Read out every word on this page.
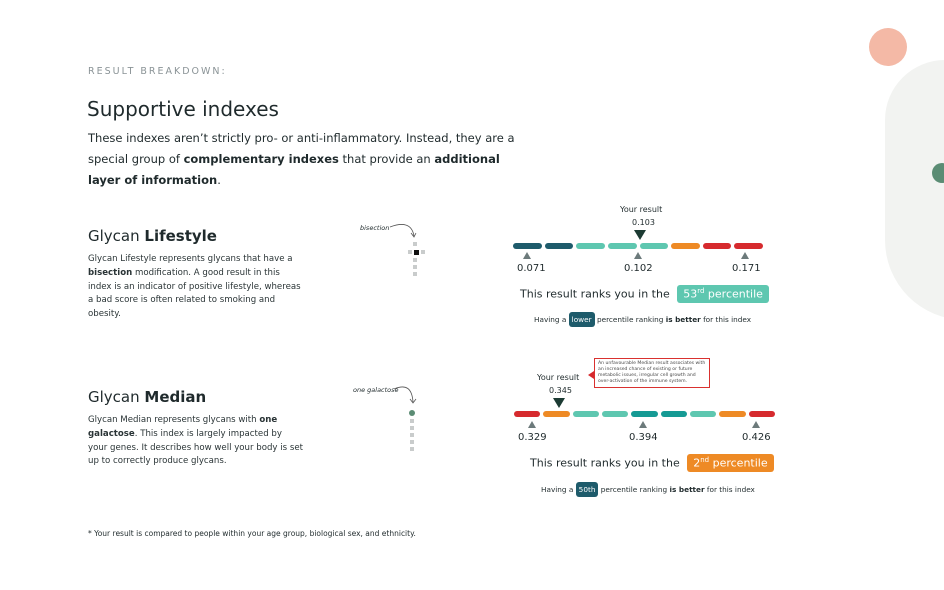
RESULT BREAKDOWN:
Supportive indexes
These indexes aren’t strictly pro- or anti-inflammatory. Instead, they are a special group of complementary indexes that provide an additional layer of information.
Glycan Lifestyle
Glycan Lifestyle represents glycans that have a bisection modification. A good result in this index is an indicator of positive lifestyle, whereas a bad score is often related to smoking and obesity.
bisection
Your result
0.103
0.071	0.102	0.171
This result ranks you in the 53rd percentile
Having a lower percentile ranking is better for this index
Glycan Median
Glycan Median represents glycans with one galactose. This index is largely impacted by your genes. It describes how well your body is set up to correctly produce glycans.
one galactose
An unfavourable Median result associates with an increased chance of existing or future metabolic issues, irregular cell growth and over-activation of the immune system.
Your result
0.345
0.329	0.394	0.426
This result ranks you in the 2nd percentile
Having a 50th percentile ranking is better for this index
* Your result is compared to people within your age group, biological sex, and ethnicity.
